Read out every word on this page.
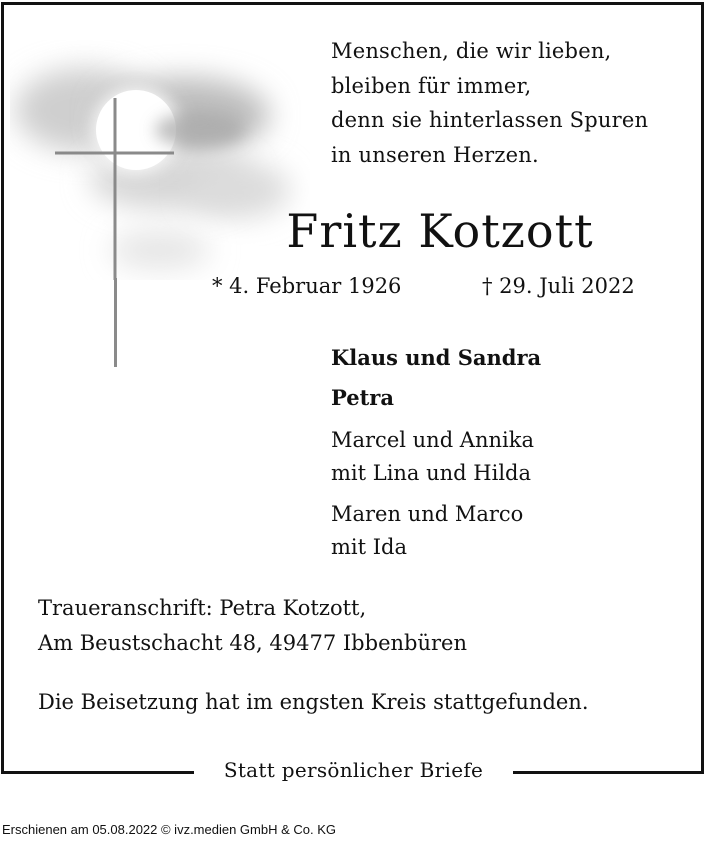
Menschen, die wir lieben,
bleiben für immer,
denn sie hinterlassen Spuren
in unseren Herzen.
Fritz Kotzott
* 4. Februar 1926	† 29. Juli 2022
Klaus und Sandra
Petra
Marcel und Annika
mit Lina und Hilda
Maren und Marco
mit Ida
Traueranschrift: Petra Kotzott,
Am Beustschacht 48, 49477 Ibbenbüren
Die Beisetzung hat im engsten Kreis stattgefunden.
Statt persönlicher Briefe
Erschienen am 05.08.2022 © ivz.medien GmbH & Co. KG
